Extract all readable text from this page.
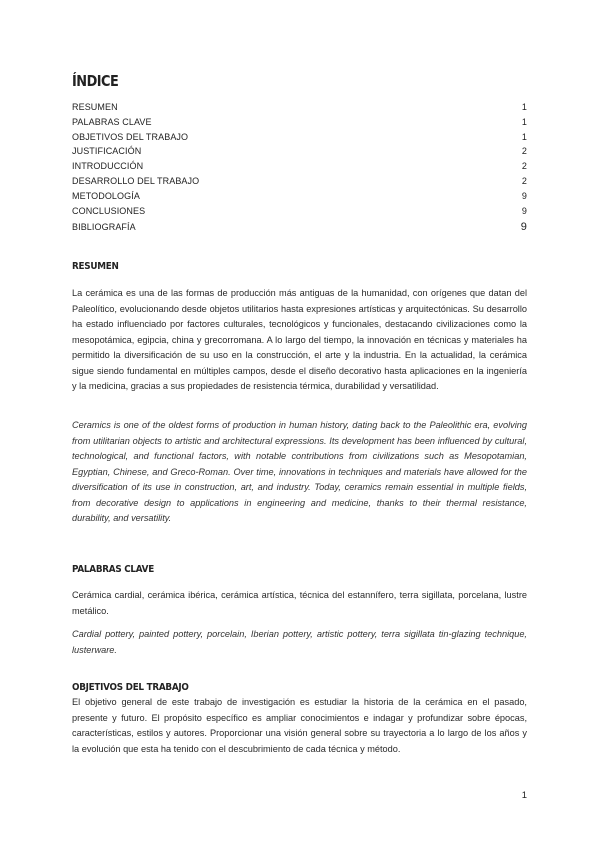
ÍNDICE
RESUMEN	1
PALABRAS CLAVE	1
OBJETIVOS DEL TRABAJO	1
JUSTIFICACIÓN	2
INTRODUCCIÓN	2
DESARROLLO DEL TRABAJO	2
METODOLOGÍA	9
CONCLUSIONES	9
BIBLIOGRAFÍA	9
RESUMEN

La cerámica es una de las formas de producción más antiguas de la humanidad, con orígenes que datan del Paleolítico, evolucionando desde objetos utilitarios hasta expresiones artísticas y arquitectónicas. Su desarrollo ha estado influenciado por factores culturales, tecnológicos y funcionales, destacando civilizaciones como la mesopotámica, egipcia, china y grecorromana. A lo largo del tiempo, la innovación en técnicas y materiales ha permitido la diversificación de su uso en la construcción, el arte y la industria. En la actualidad, la cerámica sigue siendo fundamental en múltiples campos, desde el diseño decorativo hasta aplicaciones en la ingeniería y la medicina, gracias a sus propiedades de resistencia térmica, durabilidad y versatilidad.

Ceramics is one of the oldest forms of production in human history, dating back to the Paleolithic era, evolving from utilitarian objects to artistic and architectural expressions. Its development has been influenced by cultural, technological, and functional factors, with notable contributions from civilizations such as Mesopotamian, Egyptian, Chinese, and Greco-Roman. Over time, innovations in techniques and materials have allowed for the diversification of its use in construction, art, and industry. Today, ceramics remain essential in multiple fields, from decorative design to applications in engineering and medicine, thanks to their thermal resistance, durability, and versatility.

PALABRAS CLAVE

Cerámica cardial, cerámica ibérica, cerámica artística, técnica del estannífero, terra sigillata, porcelana, lustre metálico.

Cardial pottery, painted pottery, porcelain, Iberian pottery, artistic pottery, terra sigillata tin-glazing technique, lusterware.

OBJETIVOS DEL TRABAJO

El objetivo general de este trabajo de investigación es estudiar la historia de la cerámica en el pasado, presente y futuro. El propósito específico es ampliar conocimientos e indagar y profundizar sobre épocas, características, estilos y autores. Proporcionar una visión general sobre su trayectoria a lo largo de los años y la evolución que esta ha tenido con el descubrimiento de cada técnica y método.

1
